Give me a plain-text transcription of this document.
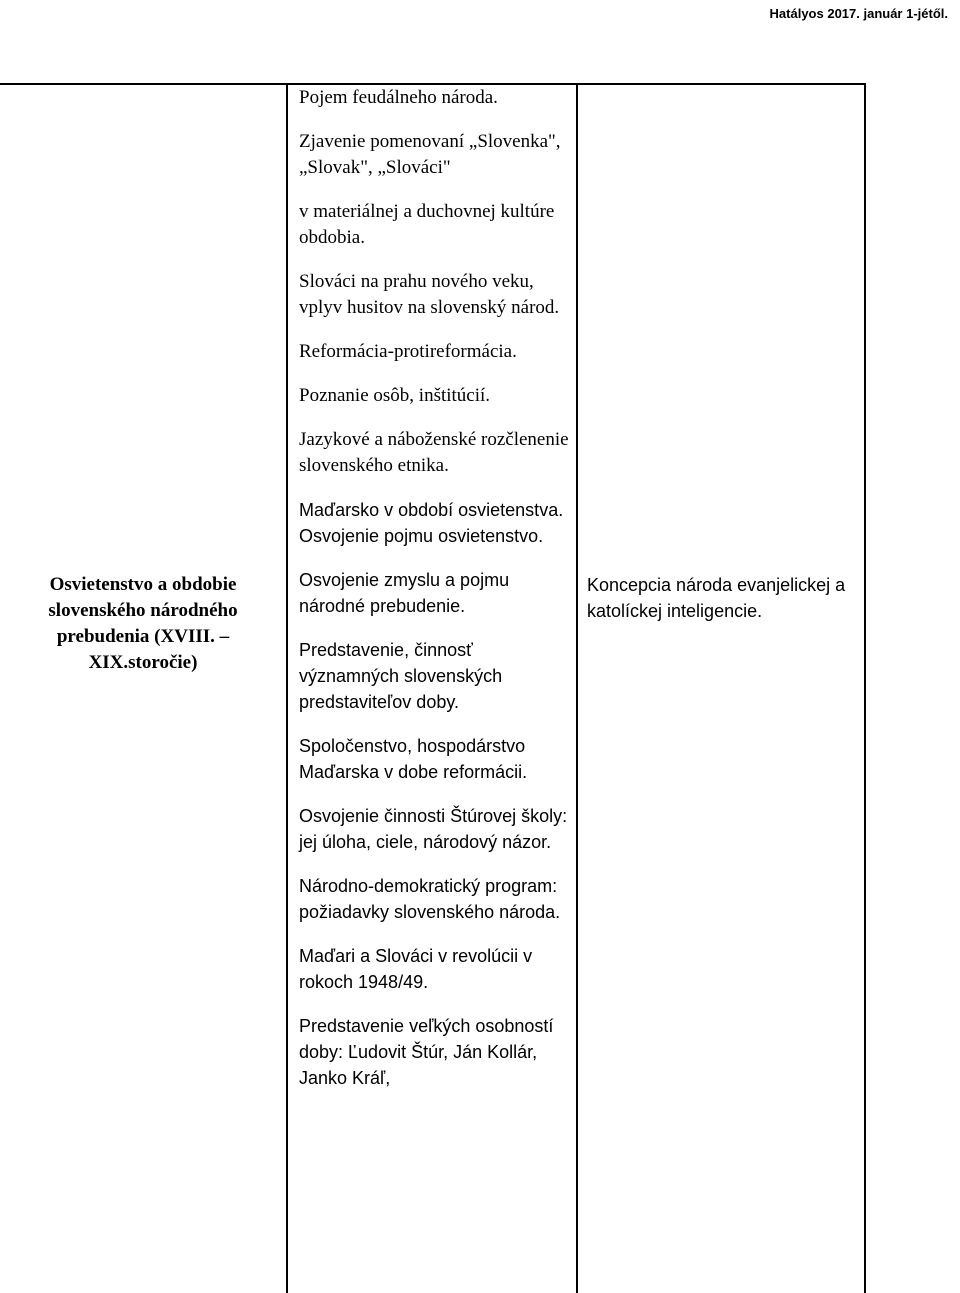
Hatályos 2017. január 1-jétől.
Osvietenstvo a obdobie
slovenského národného
prebudenia (XVIII. –
XIX.storočie)

Pojem feudálneho národa.

Zjavenie pomenovaní „Slovenka", „Slovak", „Slováci"

v materiálnej a duchovnej kultúre obdobia.

Slováci na prahu nového veku, vplyv husitov na slovenský národ.

Reformácia-protireformácia.

Poznanie osôb, inštitúcií.

Jazykové a náboženské rozčlenenie slovenského etnika.

Maďarsko v období osvietenstva.

Osvojenie pojmu osvietenstvo.

Osvojenie zmyslu a pojmu národné prebudenie.

Predstavenie, činnosť významných slovenských predstaviteľov doby.

Spoločenstvo, hospodárstvo Maďarska v dobe reformácii.

Osvojenie činnosti Štúrovej školy: jej úloha, ciele, národový názor.

Národno-demokratický program: požiadavky slovenského národa.

Maďari a Slováci v revolúcii v rokoch 1948/49.

Predstavenie veľkých osobností doby: Ľudovit Štúr, Ján Kollár, Janko Kráľ,

Koncepcia národa evanjelickej a katolíckej inteligencie.
